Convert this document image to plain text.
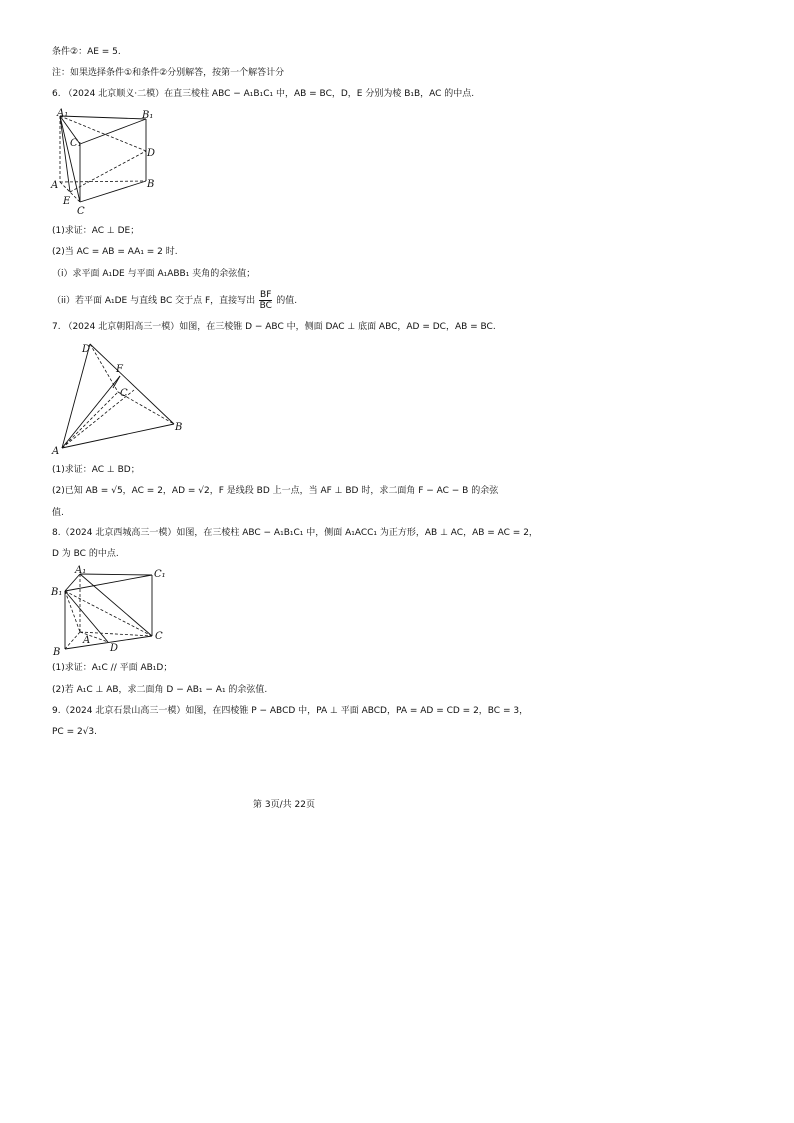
条件②：AE = 5.
注：如果选择条件①和条件②分别解答，按第一个解答计分
6. （2024 北京顺义·二模）在直三棱柱 ABC − A₁B₁C₁ 中，AB = BC，D，E 分别为棱 B₁B，AC 的中点.
A₁	B₁
C₁
D
A	B
E
C
(1)求证：AC ⊥ DE；
(2)当 AC = AB = AA₁ = 2 时.
（i）求平面 A₁DE 与平面 A₁ABB₁ 夹角的余弦值；
（ii）若平面 A₁DE 与直线 BC 交于点 F，直接写出 $\frac{BF}{BC}$ 的值.
7. （2024 北京朝阳高三一模）如图，在三棱锥 D − ABC 中，侧面 DAC ⊥ 底面 ABC，AD = DC，AB = BC.
D
F
C
A
B
(1)求证：AC ⊥ BD；
(2)已知 AB = √5，AC = 2，AD = √2，F 是线段 BD 上一点，当 AF ⊥ BD 时，求二面角 F − AC − B 的余弦
值.
8.（2024 北京西城高三一模）如图，在三棱柱 ABC − A₁B₁C₁ 中，侧面 A₁ACC₁ 为正方形，AB ⊥ AC，AB = AC = 2，
D 为 BC 的中点.
A₁	C₁
B₁
C
A
D
B
(1)求证：A₁C // 平面 AB₁D；
(2)若 A₁C ⊥ AB，求二面角 D − AB₁ − A₁ 的余弦值.
9.（2024 北京石景山高三一模）如图，在四棱锥 P − ABCD 中，PA ⊥ 平面 ABCD，PA = AD = CD = 2，BC = 3，
PC = 2√3.
第 3页/共 22页
